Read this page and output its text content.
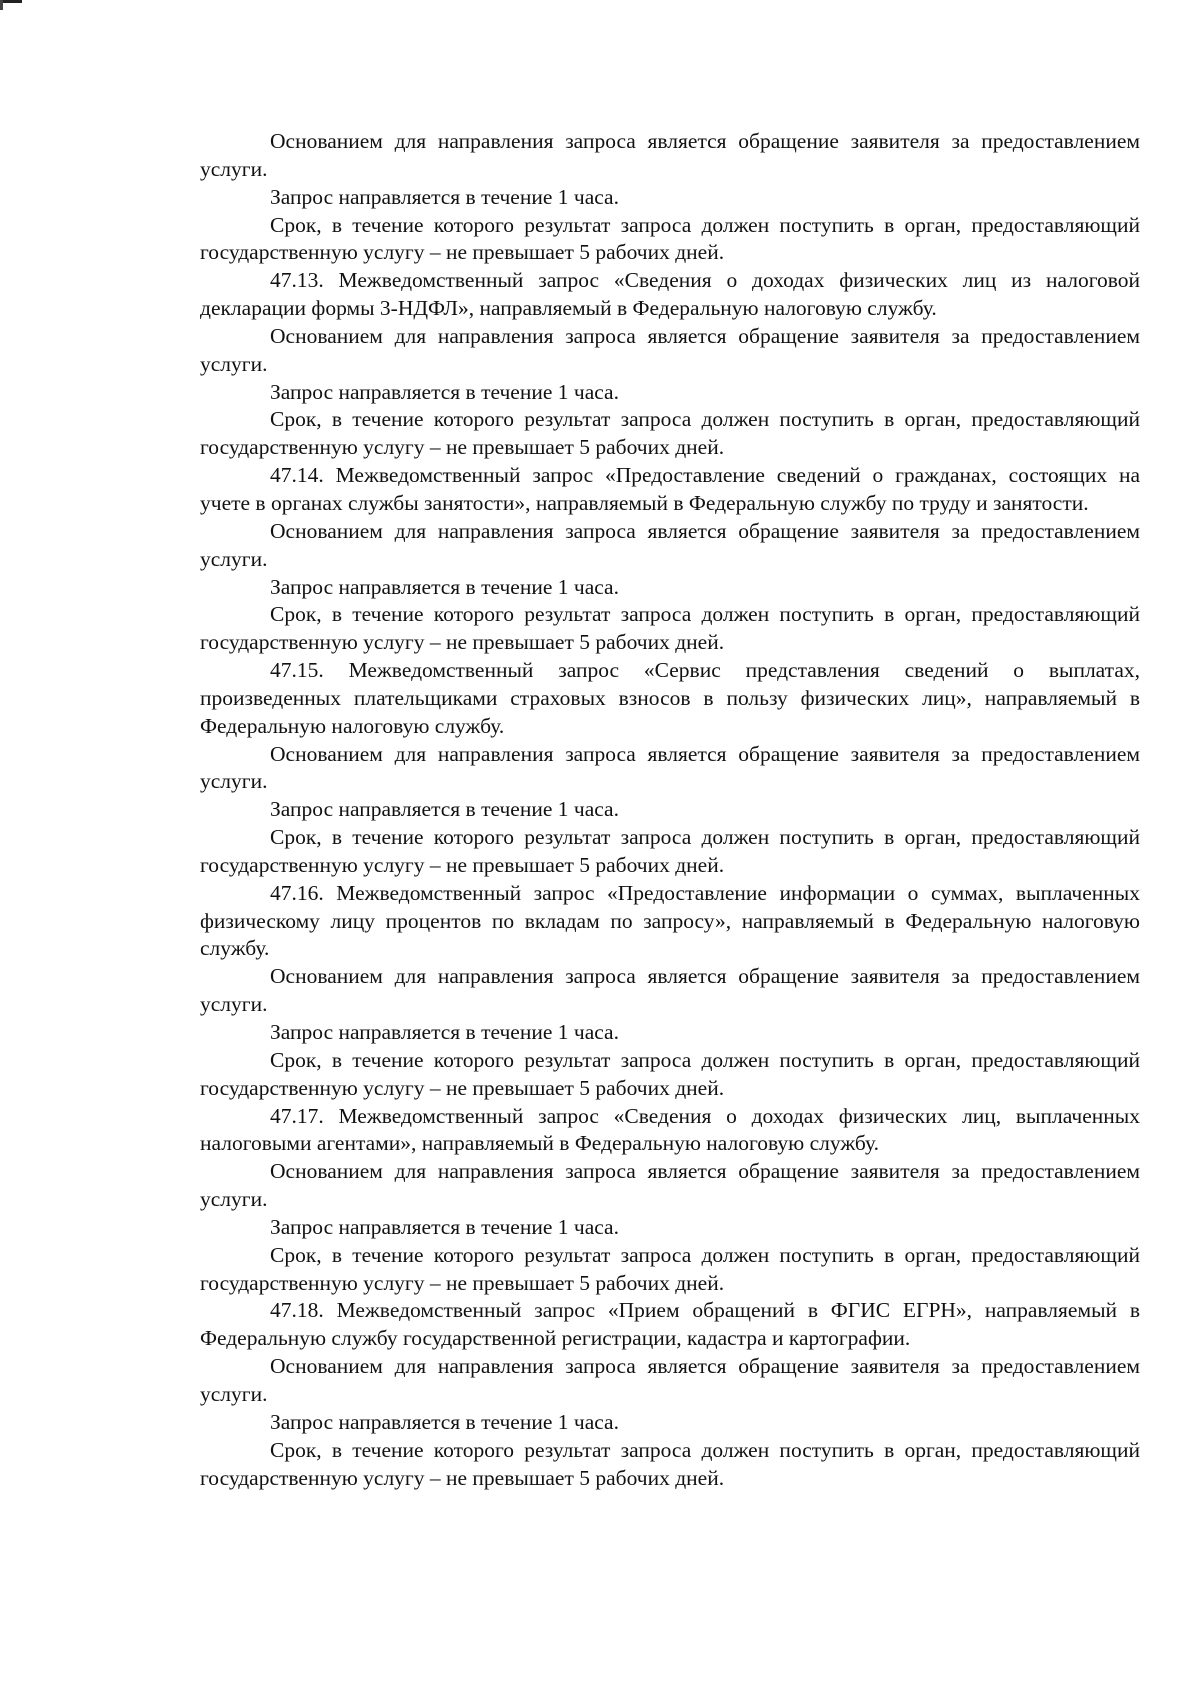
Основанием для направления запроса является обращение заявителя за предоставлением услуги.

Запрос направляется в течение 1 часа.

Срок, в течение которого результат запроса должен поступить в орган, предоставляющий государственную услугу – не превышает 5 рабочих дней.

47.13. Межведомственный запрос «Сведения о доходах физических лиц из налоговой декларации формы 3-НДФЛ», направляемый в Федеральную налоговую службу.

Основанием для направления запроса является обращение заявителя за предоставлением услуги.

Запрос направляется в течение 1 часа.

Срок, в течение которого результат запроса должен поступить в орган, предоставляющий государственную услугу – не превышает 5 рабочих дней.

47.14. Межведомственный запрос «Предоставление сведений о гражданах, состоящих на учете в органах службы занятости», направляемый в Федеральную службу по труду и занятости.

Основанием для направления запроса является обращение заявителя за предоставлением услуги.

Запрос направляется в течение 1 часа.

Срок, в течение которого результат запроса должен поступить в орган, предоставляющий государственную услугу – не превышает 5 рабочих дней.

47.15. Межведомственный запрос «Сервис представления сведений о выплатах, произведенных плательщиками страховых взносов в пользу физических лиц», направляемый в Федеральную налоговую службу.

Основанием для направления запроса является обращение заявителя за предоставлением услуги.

Запрос направляется в течение 1 часа.

Срок, в течение которого результат запроса должен поступить в орган, предоставляющий государственную услугу – не превышает 5 рабочих дней.

47.16. Межведомственный запрос «Предоставление информации о суммах, выплаченных физическому лицу процентов по вкладам по запросу», направляемый в Федеральную налоговую службу.

Основанием для направления запроса является обращение заявителя за предоставлением услуги.

Запрос направляется в течение 1 часа.

Срок, в течение которого результат запроса должен поступить в орган, предоставляющий государственную услугу – не превышает 5 рабочих дней.

47.17. Межведомственный запрос «Сведения о доходах физических лиц, выплаченных налоговыми агентами», направляемый в Федеральную налоговую службу.

Основанием для направления запроса является обращение заявителя за предоставлением услуги.

Запрос направляется в течение 1 часа.

Срок, в течение которого результат запроса должен поступить в орган, предоставляющий государственную услугу – не превышает 5 рабочих дней.

47.18. Межведомственный запрос «Прием обращений в ФГИС ЕГРН», направляемый в Федеральную службу государственной регистрации, кадастра и картографии.

Основанием для направления запроса является обращение заявителя за предоставлением услуги.

Запрос направляется в течение 1 часа.

Срок, в течение которого результат запроса должен поступить в орган, предоставляющий государственную услугу – не превышает 5 рабочих дней.
